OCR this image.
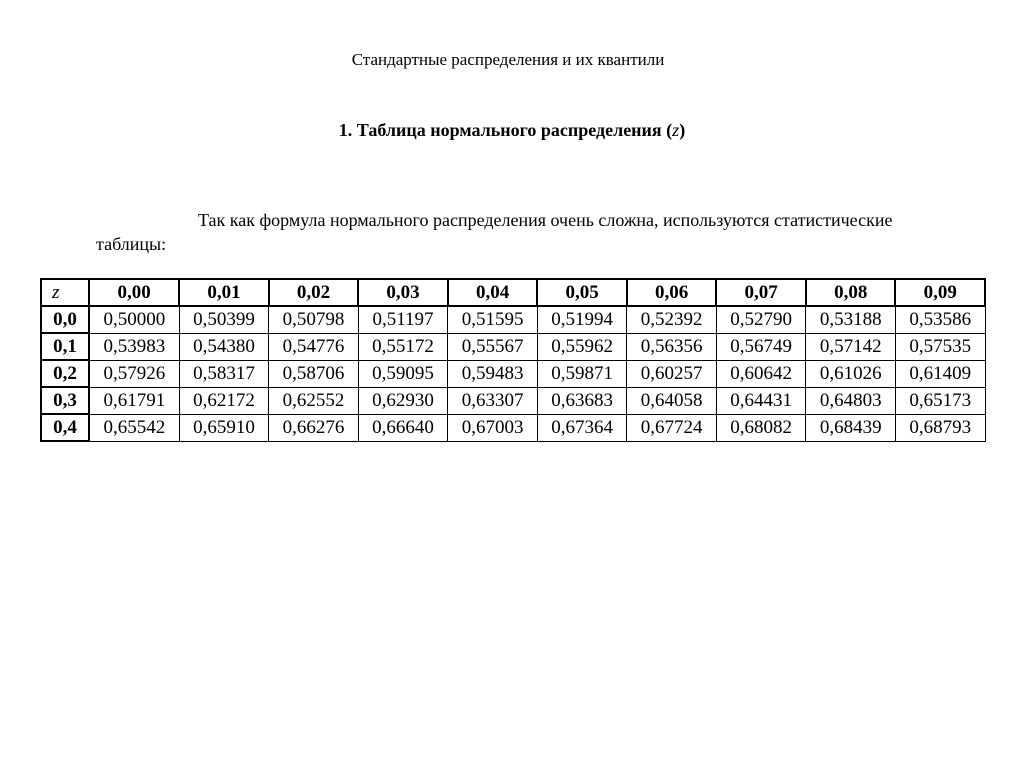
Стандартные распределения и их квантили
1. Таблица нормального распределения (z)
Так как формула нормального распределения очень сложна, используются статистические таблицы:
z	0,00	0,01	0,02	0,03	0,04	0,05	0,06	0,07	0,08	0,09
0,0	0,50000	0,50399	0,50798	0,51197	0,51595	0,51994	0,52392	0,52790	0,53188	0,53586
0,1	0,53983	0,54380	0,54776	0,55172	0,55567	0,55962	0,56356	0,56749	0,57142	0,57535
0,2	0,57926	0,58317	0,58706	0,59095	0,59483	0,59871	0,60257	0,60642	0,61026	0,61409
0,3	0,61791	0,62172	0,62552	0,62930	0,63307	0,63683	0,64058	0,64431	0,64803	0,65173
0,4	0,65542	0,65910	0,66276	0,66640	0,67003	0,67364	0,67724	0,68082	0,68439	0,68793
